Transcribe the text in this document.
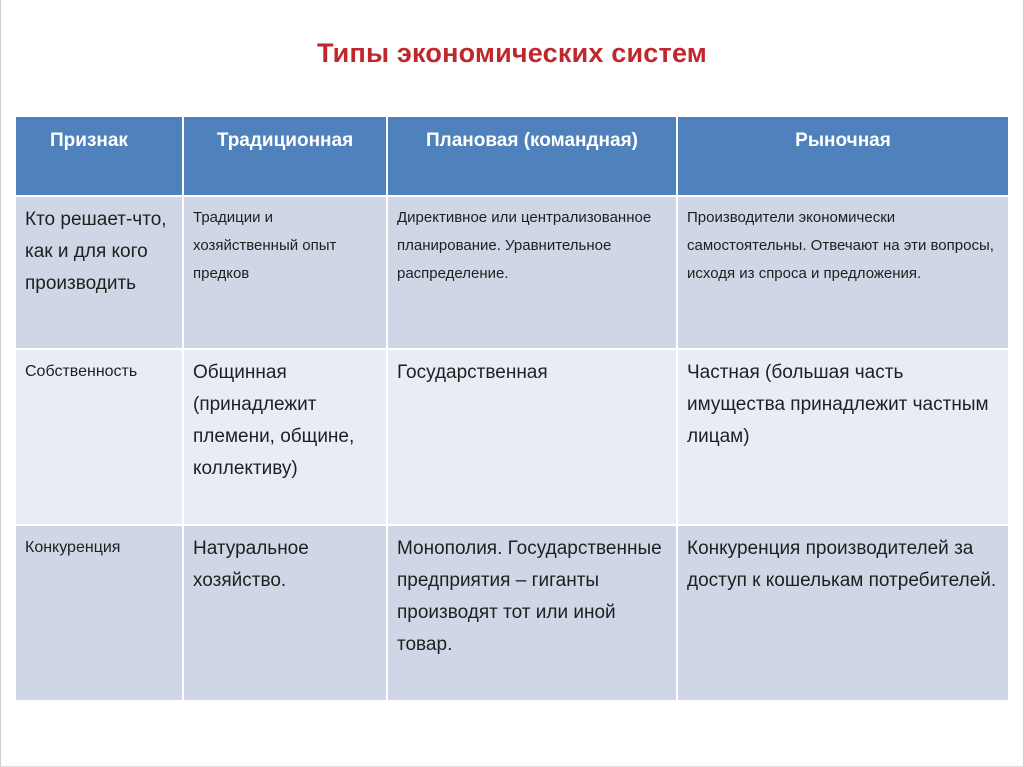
Типы экономических систем
Признак	Традиционная	Плановая (командная)	Рыночная
Кто решает-что, как и для кого производить	Традиции и хозяйственный опыт предков	Директивное или централизованное планирование. Уравнительное распределение.	Производители экономически самостоятельны. Отвечают на эти вопросы, исходя из спроса и предложения.
Собственность	Общинная (принадлежит племени, общине, коллективу)	Государственная	Частная (большая часть имущества принадлежит частным лицам)
Конкуренция	Натуральное хозяйство.	Монополия. Государственные предприятия – гиганты производят тот или иной товар.	Конкуренция производителей за доступ к кошелькам потребителей.
